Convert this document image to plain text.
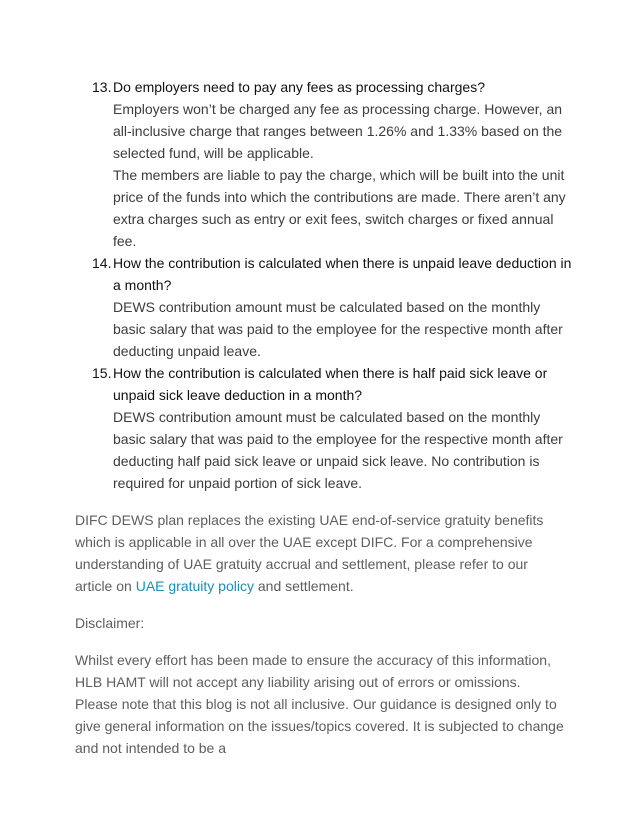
13. Do employers need to pay any fees as processing charges?
Employers won’t be charged any fee as processing charge. However, an all-inclusive charge that ranges between 1.26% and 1.33% based on the selected fund, will be applicable.
The members are liable to pay the charge, which will be built into the unit price of the funds into which the contributions are made. There aren’t any extra charges such as entry or exit fees, switch charges or fixed annual fee.
14. How the contribution is calculated when there is unpaid leave deduction in a month?
DEWS contribution amount must be calculated based on the monthly basic salary that was paid to the employee for the respective month after deducting unpaid leave.
15. How the contribution is calculated when there is half paid sick leave or unpaid sick leave deduction in a month?
DEWS contribution amount must be calculated based on the monthly basic salary that was paid to the employee for the respective month after deducting half paid sick leave or unpaid sick leave. No contribution is required for unpaid portion of sick leave.

DIFC DEWS plan replaces the existing UAE end-of-service gratuity benefits which is applicable in all over the UAE except DIFC. For a comprehensive understanding of UAE gratuity accrual and settlement, please refer to our article on UAE gratuity policy and settlement.

Disclaimer:

Whilst every effort has been made to ensure the accuracy of this information, HLB HAMT will not accept any liability arising out of errors or omissions. Please note that this blog is not all inclusive. Our guidance is designed only to give general information on the issues/topics covered. It is subjected to change and not intended to be a
